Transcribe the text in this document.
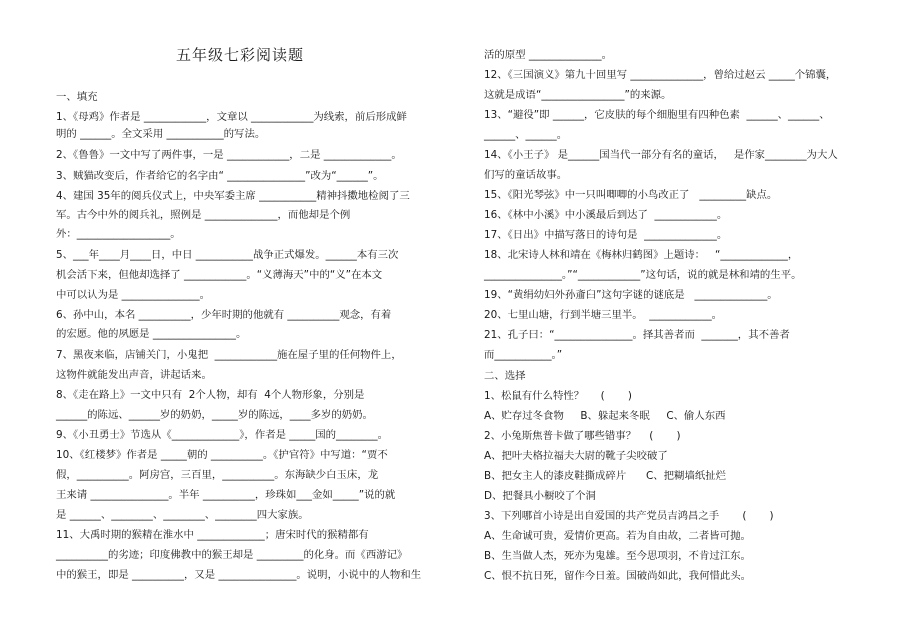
五年级七彩阅读题
一、填充
1、《母鸡》作者是 ____________，文章以 ____________为线索，前后形成鲜
明的 ______。全文采用 ___________的写法。
2、《鲁鲁》一文中写了两件事，一是 ____________，二是 _____________。
3、贼猫改变后，作者给它的名字由“ _______________”改为“______”。
4、建国 35年的阅兵仪式上，中央军委主席 ___________精神抖擞地检阅了三
军。古今中外的阅兵礼，照例是 ______________，而他却是个例
外：__________________。
5、___年____月____日，中日 ___________战争正式爆发。______本有三次
机会活下来，但他却选择了 ____________。“义薄海天”中的“义”在本文
中可以认为是 _______________。
6、孙中山，本名 __________，少年时期的他就有 __________观念，有着
的宏愿。他的夙愿是 ________________。
7、黑夜来临，店铺关门，小鬼把  ____________施在屋子里的任何物件上，
这物件就能发出声音，讲起话来。
8、《走在路上》一文中只有  2个人物，却有  4个人物形象，分别是
______的陈远、______岁的奶奶，_____岁的陈远，____多岁的奶奶。
9、《小丑勇士》节选从《_____________》，作者是 _____国的________。
10、《红楼梦》作者是 _____朝的 __________。《护官符》中写道：“贾不
假，__________。阿房宫，三百里，__________。东海缺少白玉床，龙
王来请 _______________。半年 __________，珍珠如___金如_____”说的就
是 ______、________、________、________四大家族。
11、大禹时期的猴精在淮水中 _____________；唐宋时代的猴精都有
__________的劣迹；印度佛教中的猴王却是 _________的化身。而《西游记》
中的猴王，即是 __________，又是 _______________。说明，小说中的人物和生
活的原型 ______________。
12、《三国演义》第九十回里写 ______________，曾给过赵云 _____个锦囊，
这就是成语“________________”的来源。
13、“避役”即 ______，它皮肤的每个细胞里有四种色素  ______、______、
______、______。
14、《小王子》 是______国当代一部分有名的童话，   是作家________为大人
们写的童话故事。
15、《阳光琴弦》中一只叫唧唧的小鸟改正了   _________缺点。
16、《林中小溪》中小溪最后到达了  ____________。
17、《日出》中描写落日的诗句是  ______________。
18、北宋诗人林和靖在《梅林归鹤图》上题诗：   “_____________，
_______________。”“____________”这句话，说的就是林和靖的生平。
19、“黄绢幼妇外孙齑臼”这句字谜的谜底是   ______________。
20、七里山塘，行到半塘三里半。  ____________。
21、孔子曰：“_______________。择其善者而  _______，其不善者
而___________。”
二、选择
1、松鼠有什么特性？     (       )
A、贮存过冬食物     B、躲起来冬眠     C、偷人东西
2、小兔斯焦普卡做了哪些错事？    (       )
A、把叶夫格拉福夫大尉的靴子尖咬破了
B、把女主人的漆皮鞋撕成碎片      C、把糊墙纸扯烂
D、把餐具小橱咬了个洞
3、下列哪首小诗是出自爱国的共产党员吉鸿昌之手       (       )
A、生命诚可贵，爱情价更高。若为自由故，二者皆可抛。
B、生当做人杰，死亦为鬼雄。至今思项羽，不肯过江东。
C、恨不抗日死，留作今日羞。国破尚如此，我何惜此头。
